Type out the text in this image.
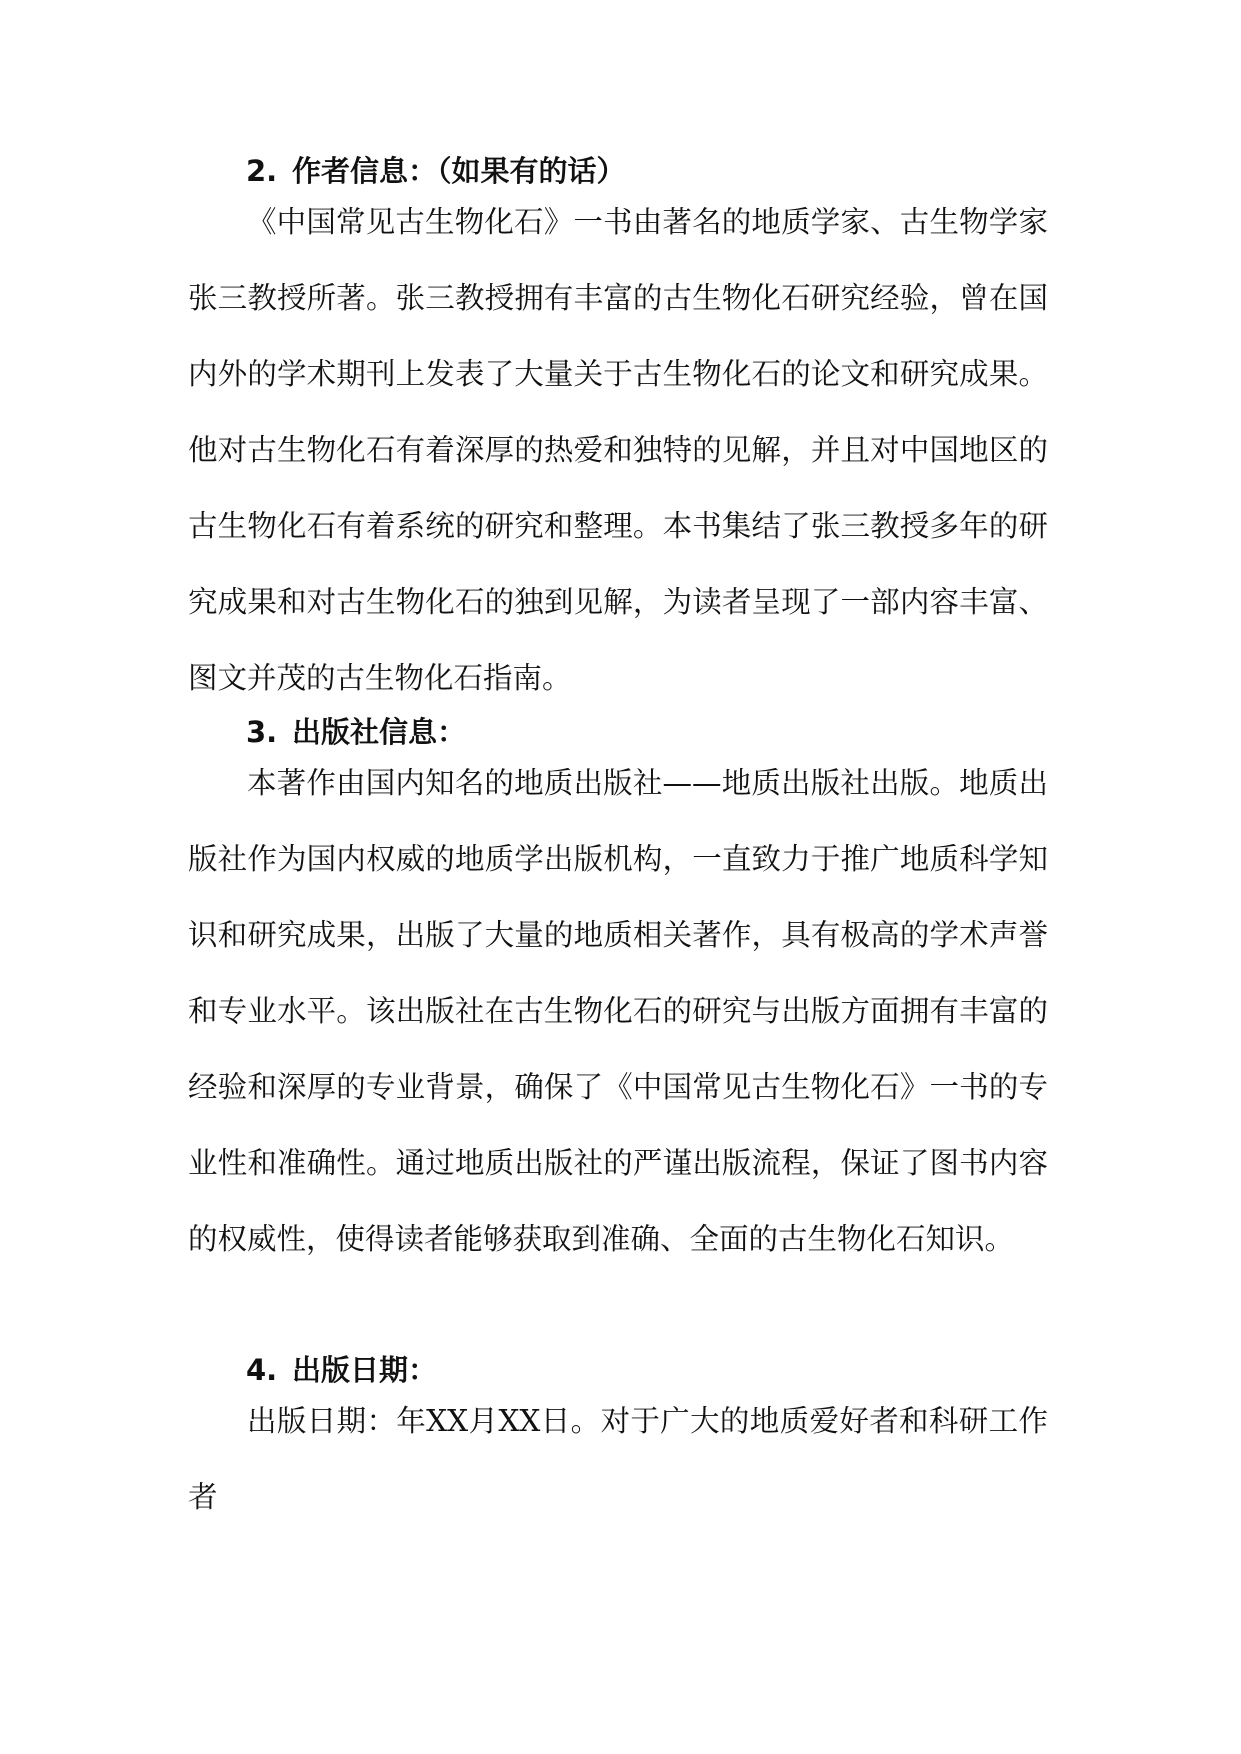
2. 作者信息：（如果有的话）
《中国常见古生物化石》一书由著名的地质学家、古生物学家张三教授所著。张三教授拥有丰富的古生物化石研究经验，曾在国内外的学术期刊上发表了大量关于古生物化石的论文和研究成果。他对古生物化石有着深厚的热爱和独特的见解，并且对中国地区的古生物化石有着系统的研究和整理。本书集结了张三教授多年的研究成果和对古生物化石的独到见解，为读者呈现了一部内容丰富、图文并茂的古生物化石指南。
3. 出版社信息：
本著作由国内知名的地质出版社——地质出版社出版。地质出版社作为国内权威的地质学出版机构，一直致力于推广地质科学知识和研究成果，出版了大量的地质相关著作，具有极高的学术声誉和专业水平。该出版社在古生物化石的研究与出版方面拥有丰富的经验和深厚的专业背景，确保了《中国常见古生物化石》一书的专业性和准确性。通过地质出版社的严谨出版流程，保证了图书内容的权威性，使得读者能够获取到准确、全面的古生物化石知识。
4. 出版日期：
出版日期：年XX月XX日。对于广大的地质爱好者和科研工作者
